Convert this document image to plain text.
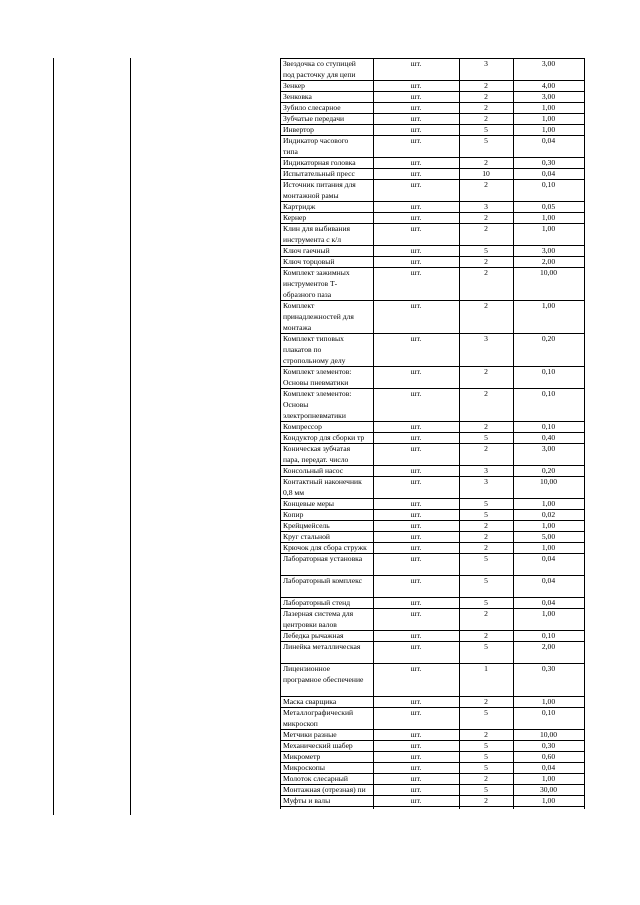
Звездочка со ступицей
под расточку для цепи
шт.	3	3,00
Зенкер	шт.	2	4,00
Зенковка	шт.	2	3,00
Зубило слесарное	шт.	2	1,00
Зубчатые передачи	шт.	2	1,00
Инвертор	шт.	5	1,00
Индикатор часового
типа
шт.	5	0,04
Индикаторная головка	шт.	2	0,30
Испытательный пресс	шт.	10	0,04
Источник питания для
монтажной рамы
шт.	2	0,10
Картридж	шт.	3	0,05
Кернер	шт.	2	1,00
Клин для выбивания
инструмента с к/л
шт.	2	1,00
Ключ гаечный	шт.	5	3,00
Ключ торцовый	шт.	2	2,00
Комплект зажимных
инструментов Т-
образного паза
шт.	2	10,00
Комплект
принадлежностей для
монтажа
шт.	2	1,00
Комплект типовых
плакатов по
стропольному делу
шт.	3	0,20
Комплект элементов:
Основы пневматики
шт.	2	0,10
Комплект элементов:
Основы
электропневматики
шт.	2	0,10
Компрессор	шт.	2	0,10
Кондуктор для сборки тр	шт.	5	0,40
Коническая зубчатая
пара, передат. число
шт.	2	3,00
Консольный насос	шт.	3	0,20
Контактный наконечник
0,8 мм
шт.	3	10,00
Концевые меры	шт.	5	1,00
Копир	шт.	5	0,02
Крейцмейсель	шт.	2	1,00
Круг стальной	шт.	2	5,00
Крючок для сбора стружк	шт.	2	1,00
Лабораторная установка	шт.	5	0,04
Лабораторный комплекс	шт.	5	0,04
Лабораторный стенд	шт.	5	0,04
Лазерная система для
центровки валов
шт.	2	1,00
Лебедка рычажная	шт.	2	0,10
Линейка металлическая	шт.	5	2,00
Лицензионное
програмное обеспечение
шт.	1	0,30
Маска сварщика	шт.	2	1,00
Металлографический
микроскоп
шт.	5	0,10
Метчики разные	шт.	2	10,00
Механический шабер	шт.	5	0,30
Микрометр	шт.	5	0,60
Микроскопы	шт.	5	0,04
Молоток слесарный	шт.	2	1,00
Монтажная (отрезная) пи	шт.	5	30,00
Муфты и валы	шт.	2	1,00
